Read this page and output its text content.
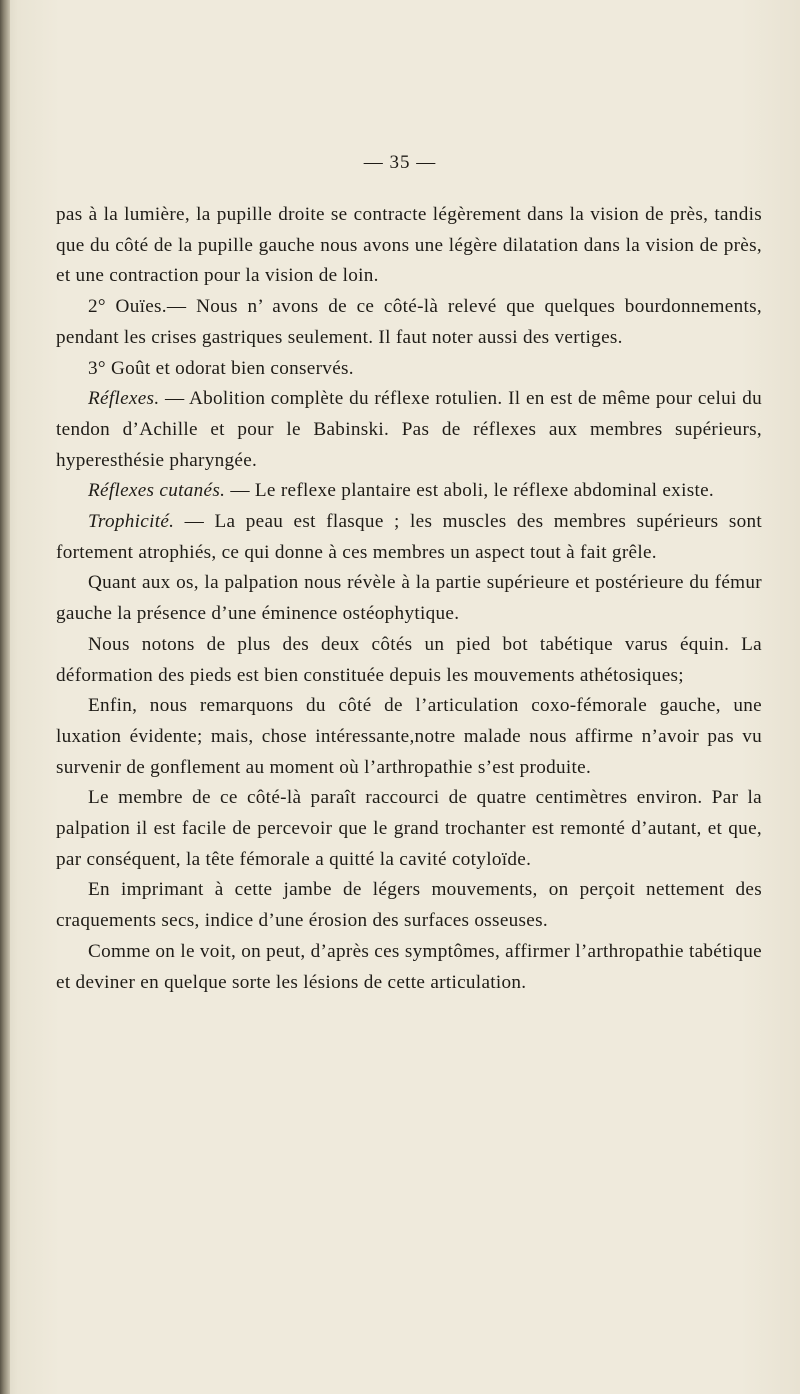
— 35 —

pas à la lumière, la pupille droite se contracte légèrement dans la vision de près, tandis que du côté de la pupille gauche nous avons une légère dilatation dans la vision de près, et une contraction pour la vision de loin.

2° Ouïes.— Nous n’ avons de ce côté-là relevé que quelques bourdonnements, pendant les crises gastriques seulement. Il faut noter aussi des vertiges.

3° Goût et odorat bien conservés.

Réflexes. — Abolition complète du réflexe rotulien. Il en est de même pour celui du tendon d’Achille et pour le Babinski. Pas de réflexes aux membres supérieurs, hyperesthésie pharyngée.

Réflexes cutanés. — Le reflexe plantaire est aboli, le réflexe abdominal existe.

Trophicité. — La peau est flasque ; les muscles des membres supérieurs sont fortement atrophiés, ce qui donne à ces membres un aspect tout à fait grêle.

Quant aux os, la palpation nous révèle à la partie supérieure et postérieure du fémur gauche la présence d’une éminence ostéophytique.

Nous notons de plus des deux côtés un pied bot tabétique varus équin. La déformation des pieds est bien constituée depuis les mouvements athétosiques;

Enfin, nous remarquons du côté de l’articulation coxo-fémorale gauche, une luxation évidente; mais, chose intéressante,notre malade nous affirme n’avoir pas vu survenir de gonflement au moment où l’arthropathie s’est produite.

Le membre de ce côté-là paraît raccourci de quatre centimètres environ. Par la palpation il est facile de percevoir que le grand trochanter est remonté d’autant, et que, par conséquent, la tête fémorale a quitté la cavité cotyloïde.

En imprimant à cette jambe de légers mouvements, on perçoit nettement des craquements secs, indice d’une érosion des surfaces osseuses.

Comme on le voit, on peut, d’après ces symptômes, affirmer l’arthropathie tabétique et deviner en quelque sorte les lésions de cette articulation.
